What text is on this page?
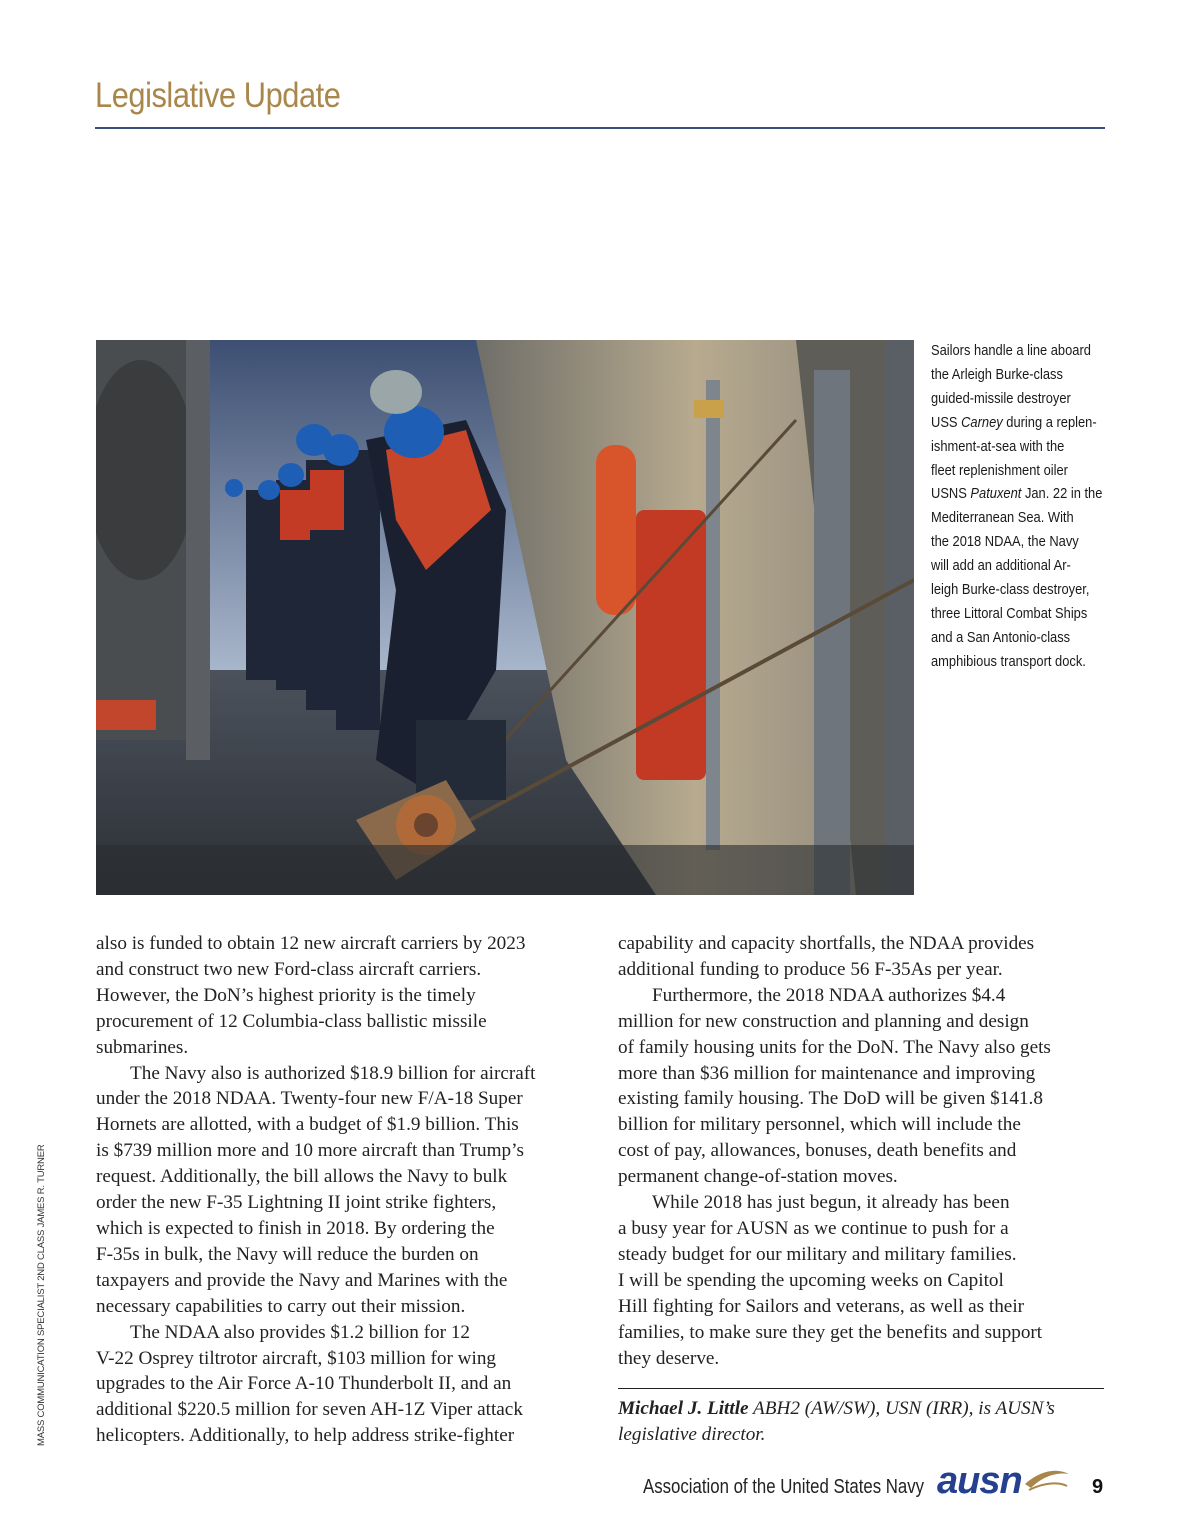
Legislative Update
Sailors handle a line aboard
the Arleigh Burke-class
guided-missile destroyer
USS Carney during a replen-
ishment-at-sea with the
fleet replenishment oiler
USNS Patuxent Jan. 22 in the
Mediterranean Sea. With
the 2018 NDAA, the Navy
will add an additional Ar-
leigh Burke-class destroyer,
three Littoral Combat Ships
and a San Antonio-class
amphibious transport dock.
also is funded to obtain 12 new aircraft carriers by 2023
and construct two new Ford-class aircraft carriers.
However, the DoN’s highest priority is the timely
procurement of 12 Columbia-class ballistic missile
submarines.
The Navy also is authorized $18.9 billion for aircraft
under the 2018 NDAA. Twenty-four new F/A-18 Super
Hornets are allotted, with a budget of $1.9 billion. This
is $739 million more and 10 more aircraft than Trump’s
request. Additionally, the bill allows the Navy to bulk
order the new F-35 Lightning II joint strike fighters,
which is expected to finish in 2018. By ordering the
F-35s in bulk, the Navy will reduce the burden on
taxpayers and provide the Navy and Marines with the
necessary capabilities to carry out their mission.
The NDAA also provides $1.2 billion for 12
V-22 Osprey tiltrotor aircraft, $103 million for wing
upgrades to the Air Force A-10 Thunderbolt II, and an
additional $220.5 million for seven AH-1Z Viper attack
helicopters. Additionally, to help address strike-fighter
capability and capacity shortfalls, the NDAA provides
additional funding to produce 56 F-35As per year.
Furthermore, the 2018 NDAA authorizes $4.4
million for new construction and planning and design
of family housing units for the DoN. The Navy also gets
more than $36 million for maintenance and improving
existing family housing. The DoD will be given $141.8
billion for military personnel, which will include the
cost of pay, allowances, bonuses, death benefits and
permanent change-of-station moves.
While 2018 has just begun, it already has been
a busy year for AUSN as we continue to push for a
steady budget for our military and military families.
I will be spending the upcoming weeks on Capitol
Hill fighting for Sailors and veterans, as well as their
families, to make sure they get the benefits and support
they deserve.
Michael J. Little ABH2 (AW/SW), USN (IRR), is AUSN’s
legislative director.
MASS COMMUNICATION SPECIALIST 2ND CLASS JAMES R. TURNER
Association of the United States Navy ausn	9
